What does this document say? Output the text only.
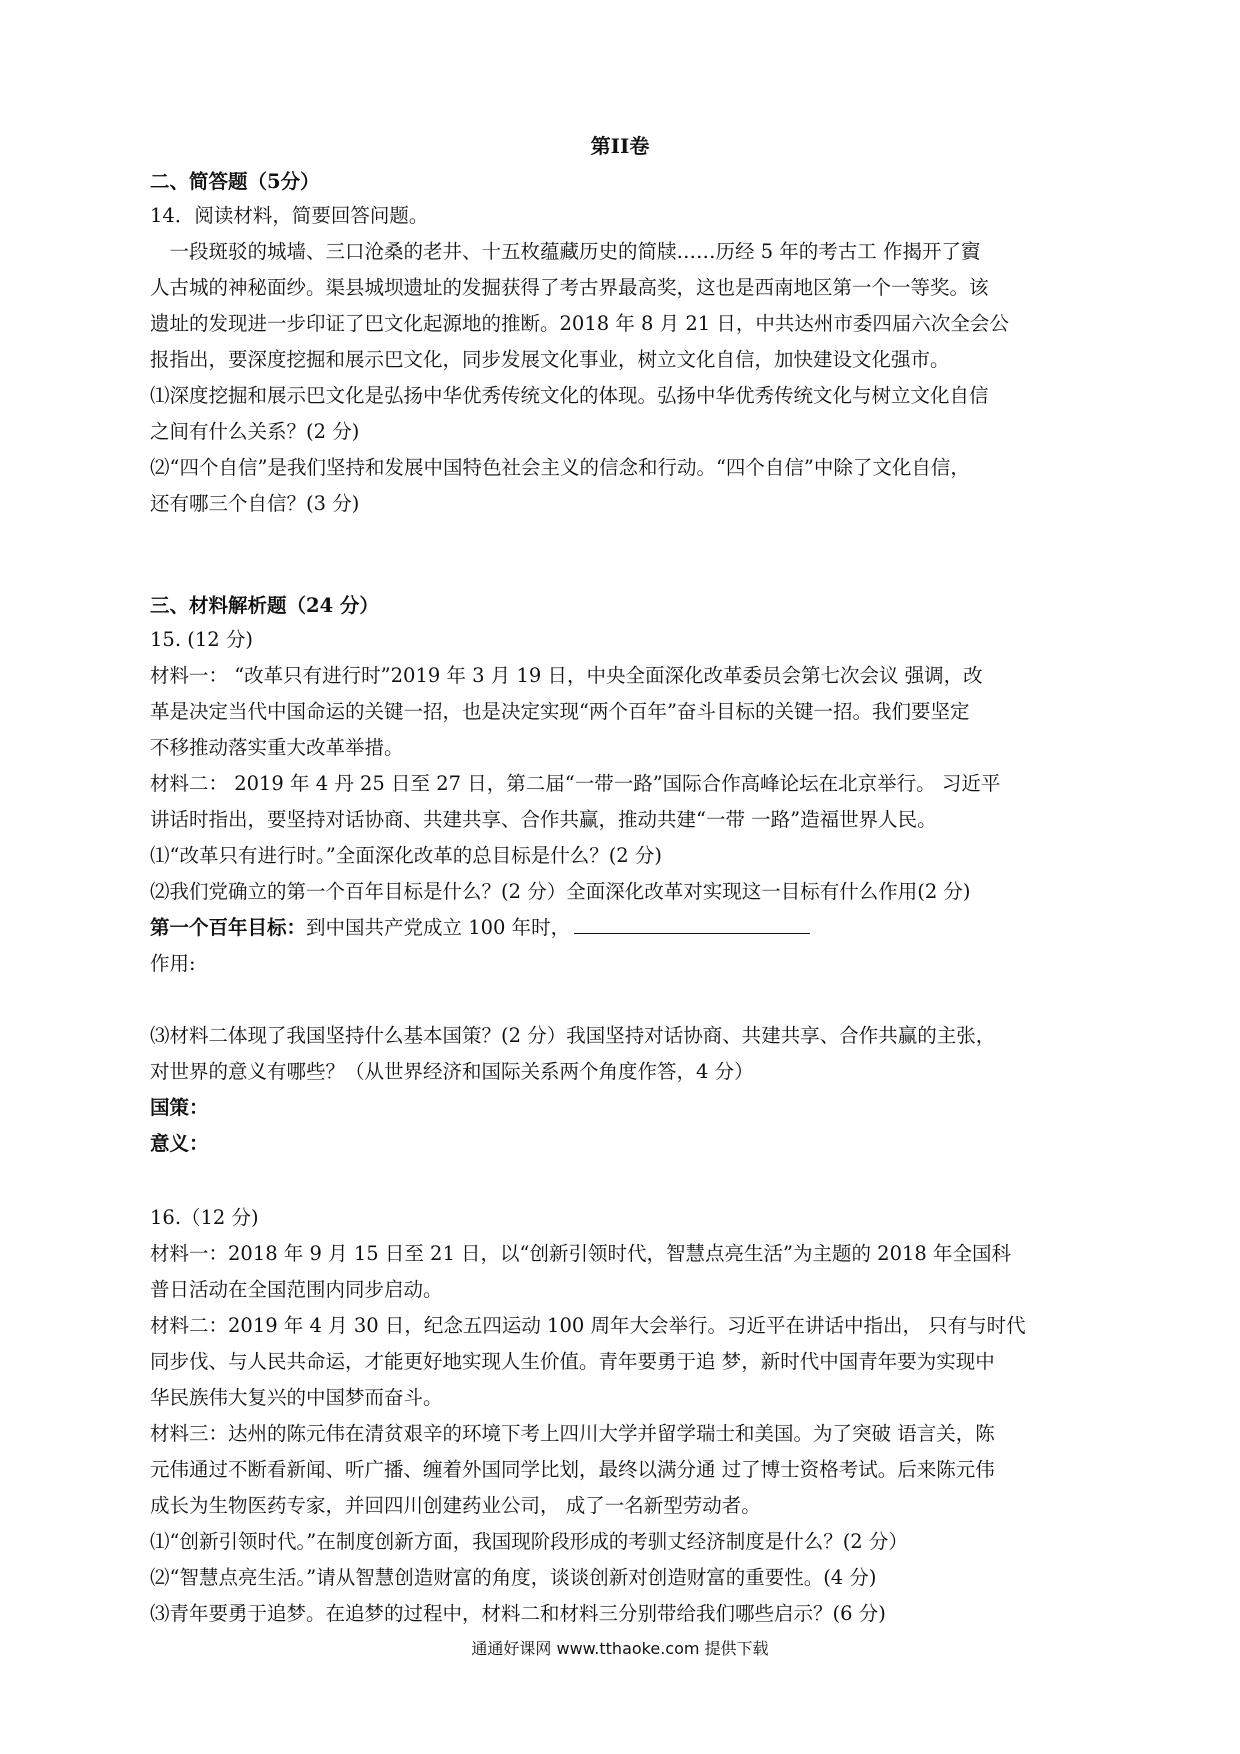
第II卷
二、简答题（5分）
14．阅读材料，简要回答问题。
　一段斑驳的城墙、三口沧桑的老井、十五枚蕴藏历史的简牍……历经 5 年的考古工 作揭开了賨
人古城的神秘面纱。渠县城坝遗址的发掘获得了考古界最高奖，这也是西南地区第一个一等奖。该
遗址的发现进一步印证了巴文化起源地的推断。2018 年 8 月 21 日，中共达州市委四届六次全会公
报指出，要深度挖掘和展示巴文化，同步发展文化事业，树立文化自信，加快建设文化强市。
⑴深度挖掘和展示巴文化是弘扬中华优秀传统文化的体现。弘扬中华优秀传统文化与树立文化自信
之间有什么关系？(2 分)
⑵“四个自信”是我们坚持和发展中国特色社会主义的信念和行动。“四个自信”中除了文化自信，
还有哪三个自信？(3 分)
三、材料解析题（24 分）
15. (12 分)
材料一： “改革只有进行时”2019 年 3 月 19 日，中央全面深化改革委员会第七次会议 强调，改
革是决定当代中国命运的关键一招，也是决定实现“两个百年”奋斗目标的关键一招。我们要坚定
不移推动落实重大改革举措。
材料二： 2019 年 4 丹 25 日至 27 日，第二届“一带一路”国际合作高峰论坛在北京举行。 习近平
讲话时指出，要坚持对话协商、共建共享、合作共赢，推动共建“一带 一路”造福世界人民。
⑴“改革只有进行时。”全面深化改革的总目标是什么？(2 分)
⑵我们党确立的第一个百年目标是什么？(2 分）全面深化改革对实现这一目标有什么作用(2 分)
第一个百年目标：到中国共产党成立 100 年时，
作用:
⑶材料二体现了我国坚持什么基本国策？(2 分）我国坚持对话协商、共建共享、合作共赢的主张，
对世界的意义有哪些？（从世界经济和国际关系两个角度作答，4 分）
国策：
意义：
16.（12 分)
材料一：2018 年 9 月 15 日至 21 日，以“创新引领时代，智慧点亮生活”为主题的 2018 年全国科
普日活动在全国范围内同步启动。
材料二：2019 年 4 月 30 日，纪念五四运动 100 周年大会举行。习近平在讲话中指出， 只有与时代
同步伐、与人民共命运，才能更好地实现人生价值。青年要勇于追 梦，新时代中国青年要为实现中
华民族伟大复兴的中国梦而奋斗。
材料三：达州的陈元伟在清贫艰辛的环境下考上四川大学并留学瑞士和美国。为了突破 语言关，陈
元伟通过不断看新闻、听广播、缠着外国同学比划，最终以满分通 过了博士资格考试。后来陈元伟
成长为生物医药专家，并回四川创建药业公司， 成了一名新型劳动者。
⑴“创新引领时代。”在制度创新方面，我国现阶段形成的考驯丈经济制度是什么？(2 分）
⑵“智慧点亮生活。”请从智慧创造财富的角度，谈谈创新对创造财富的重要性。(4 分)
⑶青年要勇于追梦。在追梦的过程中，材料二和材料三分别带给我们哪些启示？(6 分)
通通好课网 www.tthaoke.com 提供下载
